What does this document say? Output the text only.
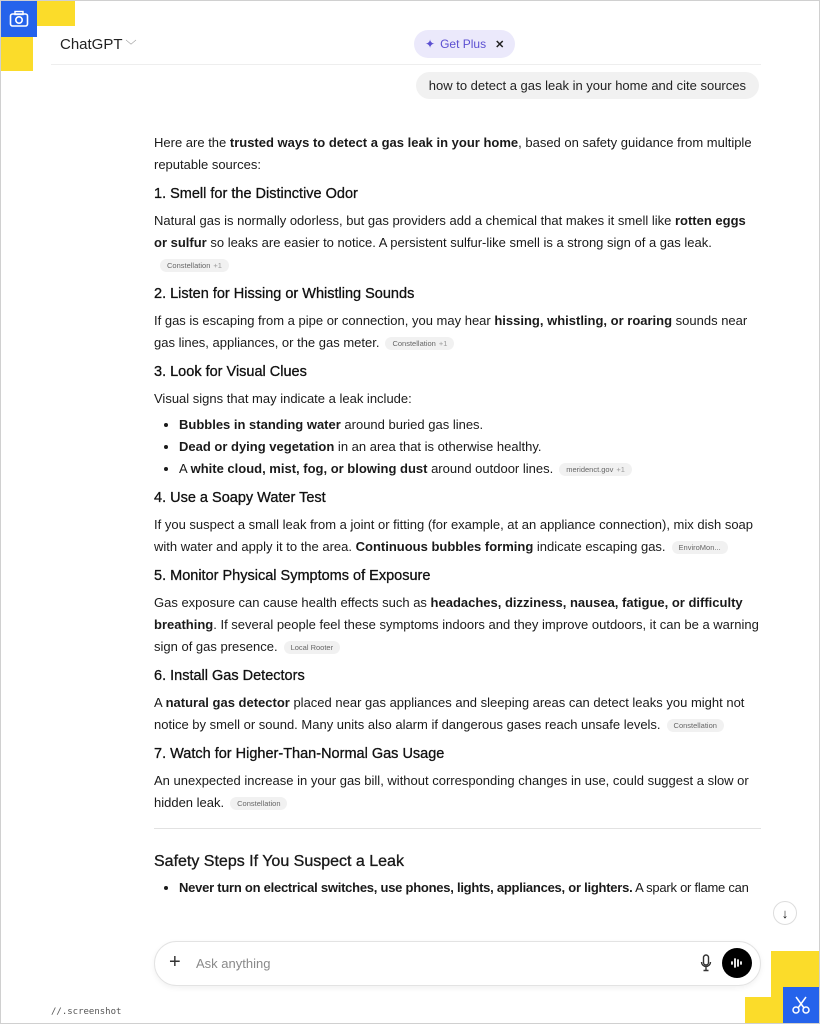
ChatGPT ﹀	✦ Get Plus ✕
how to detect a gas leak in your home and cite sources

Here are the trusted ways to detect a gas leak in your home, based on safety guidance from multiple reputable sources:

1. Smell for the Distinctive Odor

Natural gas is normally odorless, but gas providers add a chemical that makes it smell like rotten eggs or sulfur so leaks are easier to notice. A persistent sulfur-like smell is a strong sign of a gas leak.Constellation +1

2. Listen for Hissing or Whistling Sounds

If gas is escaping from a pipe or connection, you may hear hissing, whistling, or roaring sounds near gas lines, appliances, or the gas meter. Constellation +1

3. Look for Visual Clues

Visual signs that may indicate a leak include:

• Bubbles in standing water around buried gas lines.
• Dead or dying vegetation in an area that is otherwise healthy.
• A white cloud, mist, fog, or blowing dust around outdoor lines. meridenct.gov +1
4. Use a Soapy Water Test

If you suspect a small leak from a joint or fitting (for example, at an appliance connection), mix dish soap with water and apply it to the area. Continuous bubbles forming indicate escaping gas. EnviroMon...

5. Monitor Physical Symptoms of Exposure

Gas exposure can cause health effects such as headaches, dizziness, nausea, fatigue, or difficulty breathing. If several people feel these symptoms indoors and they improve outdoors, it can be a warning sign of gas presence. Local Rooter

6. Install Gas Detectors

A natural gas detector placed near gas appliances and sleeping areas can detect leaks you might not notice by smell or sound. Many units also alarm if dangerous gases reach unsafe levels. Constellation

7. Watch for Higher-Than-Normal Gas Usage

An unexpected increase in your gas bill, without corresponding changes in use, could suggest a slow or hidden leak. Constellation

Safety Steps If You Suspect a Leak
• Never turn on electrical switches, use phones, lights, appliances, or lighters. A spark or flame can
↓
+ Ask anything
//.screenshot
